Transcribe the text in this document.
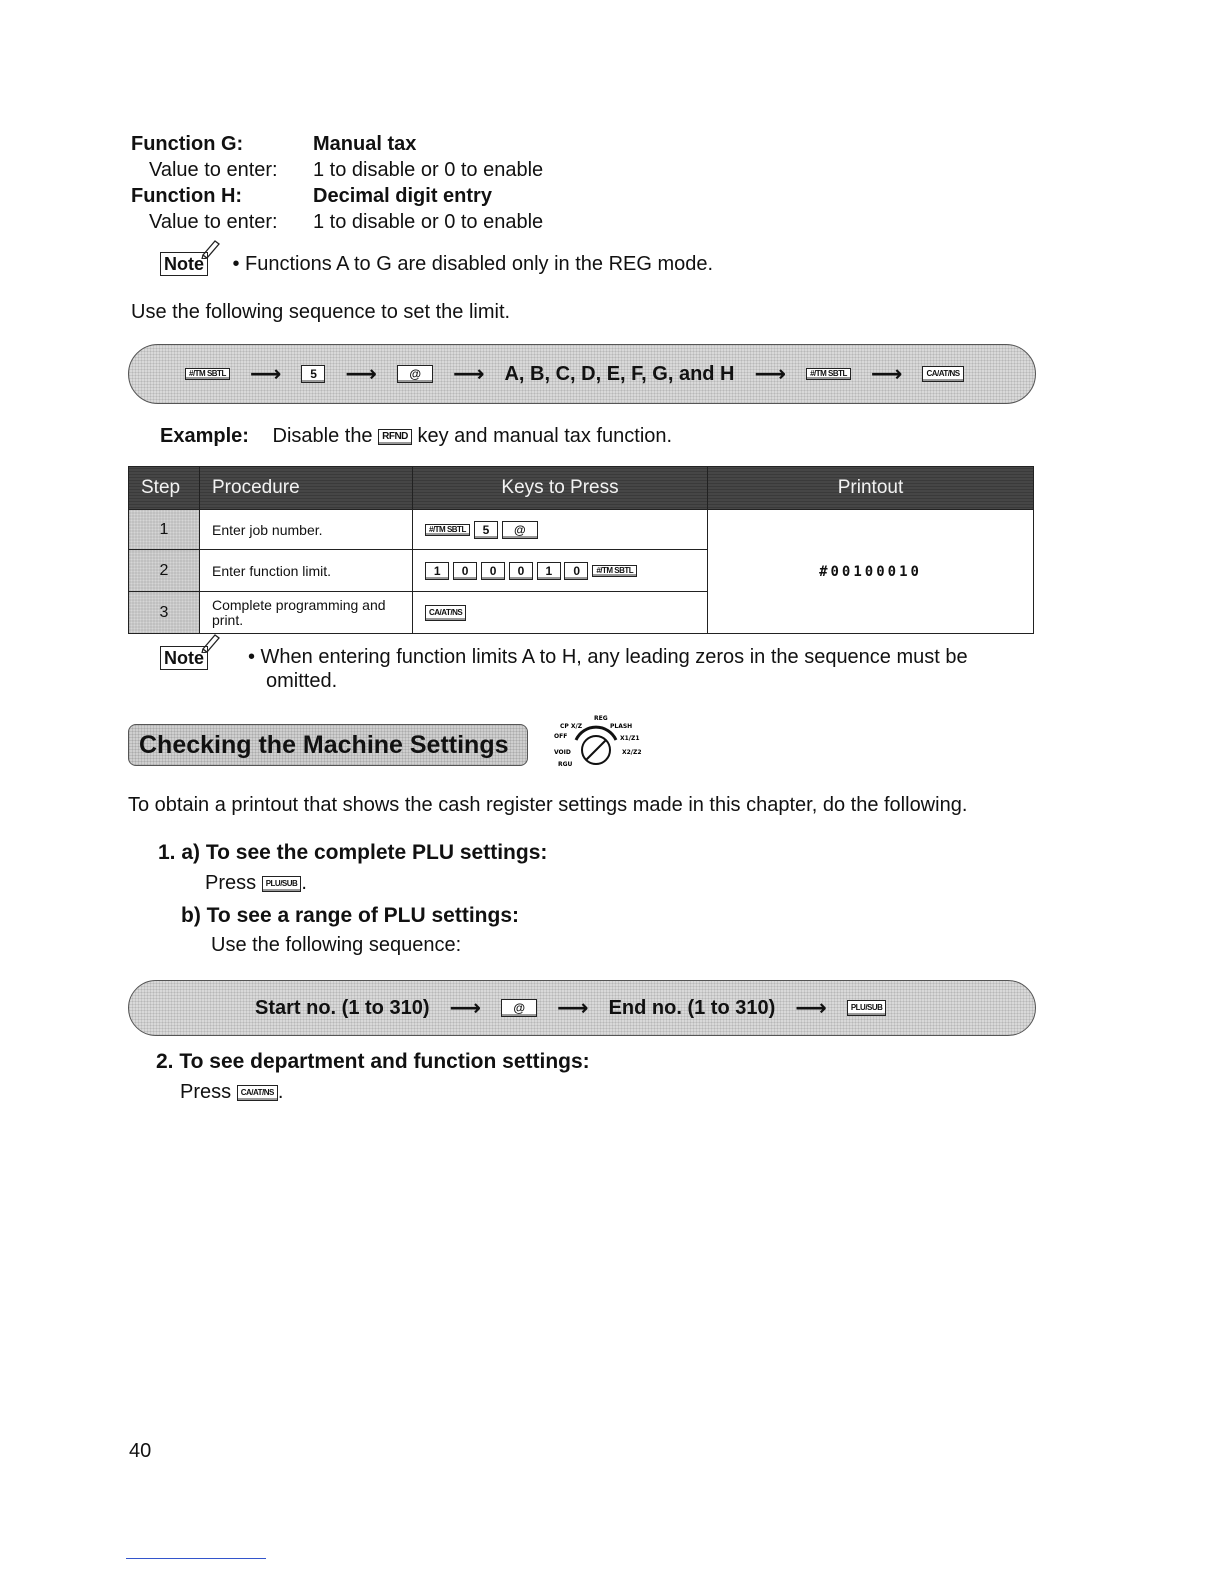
Function G:	Manual tax
Value to enter: 1 to disable or 0 to enable
Function H:	Decimal digit entry
Value to enter: 1 to disable or 0 to enable
Note • Functions A to G are disabled only in the REG mode.
Use the following sequence to set the limit.
#/TM SBTL ⟶	5	⟶	@	⟶ A, B, C, D, E, F, G, and H ⟶	#/TM SBTL ⟶	CA/AT/NS
Example: Disable the RFND key and manual tax function.
Step	Procedure	Keys to Press	Printout
1	Enter job number.	#/TM SBTL 5 @	#00100010
2	Enter function limit.	1 0 0 0 1 0 #/TM SBTL	
3	Complete programming and print.	CA/AT/NS	
Note • When entering function limits A to H, any leading zeros in the sequence must be
omitted.
Checking the Machine Settings
REG
CP X/Z	PLASH
OFF	X1/Z1
VOID	X2/Z2
RGU
To obtain a printout that shows the cash register settings made in this chapter, do the following.
1. a) To see the complete PLU settings:
Press PLU/SUB .
b) To see a range of PLU settings:
Use the following sequence:
Start no. (1 to 310) ⟶	@	⟶ End no. (1 to 310) ⟶	PLU/SUB
2. To see department and function settings:
Press CA/AT/NS .
40
